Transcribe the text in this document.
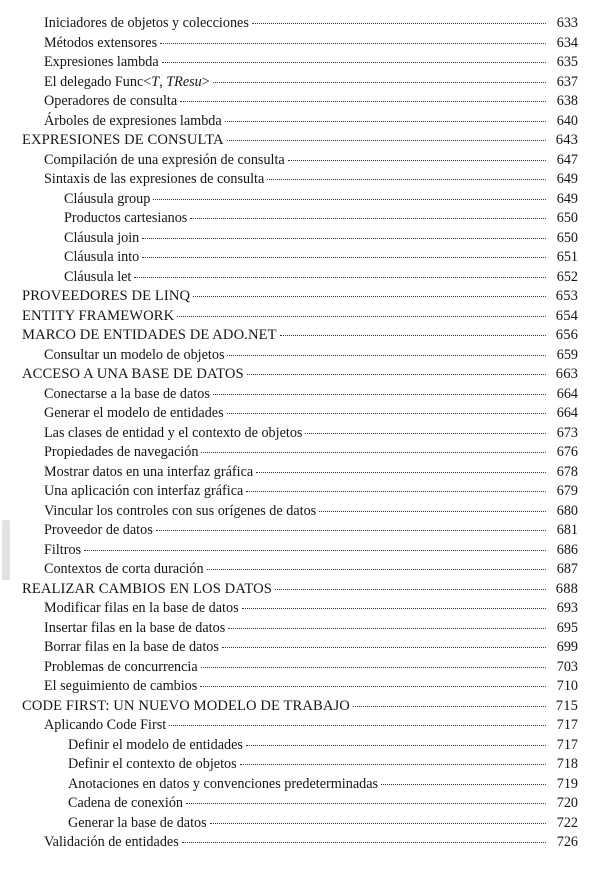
Iniciadores de objetos y colecciones	633
Métodos extensores	634
Expresiones lambda	635
El delegado Func<T, TResu>	637
Operadores de consulta	638
Árboles de expresiones lambda	640
EXPRESIONES DE CONSULTA	643
Compilación de una expresión de consulta	647
Sintaxis de las expresiones de consulta	649
Cláusula group	649
Productos cartesianos	650
Cláusula join	650
Cláusula into	651
Cláusula let	652
PROVEEDORES DE LINQ	653
ENTITY FRAMEWORK	654
MARCO DE ENTIDADES DE ADO.NET	656
Consultar un modelo de objetos	659
ACCESO A UNA BASE DE DATOS	663
Conectarse a la base de datos	664
Generar el modelo de entidades	664
Las clases de entidad y el contexto de objetos	673
Propiedades de navegación	676
Mostrar datos en una interfaz gráfica	678
Una aplicación con interfaz gráfica	679
Vincular los controles con sus orígenes de datos	680
Proveedor de datos	681
Filtros	686
Contextos de corta duración	687
REALIZAR CAMBIOS EN LOS DATOS	688
Modificar filas en la base de datos	693
Insertar filas en la base de datos	695
Borrar filas en la base de datos	699
Problemas de concurrencia	703
El seguimiento de cambios	710
CODE FIRST: UN NUEVO MODELO DE TRABAJO	715
Aplicando Code First	717
Definir el modelo de entidades	717
Definir el contexto de objetos	718
Anotaciones en datos y convenciones predeterminadas	719
Cadena de conexión	720
Generar la base de datos	722
Validación de entidades	726
